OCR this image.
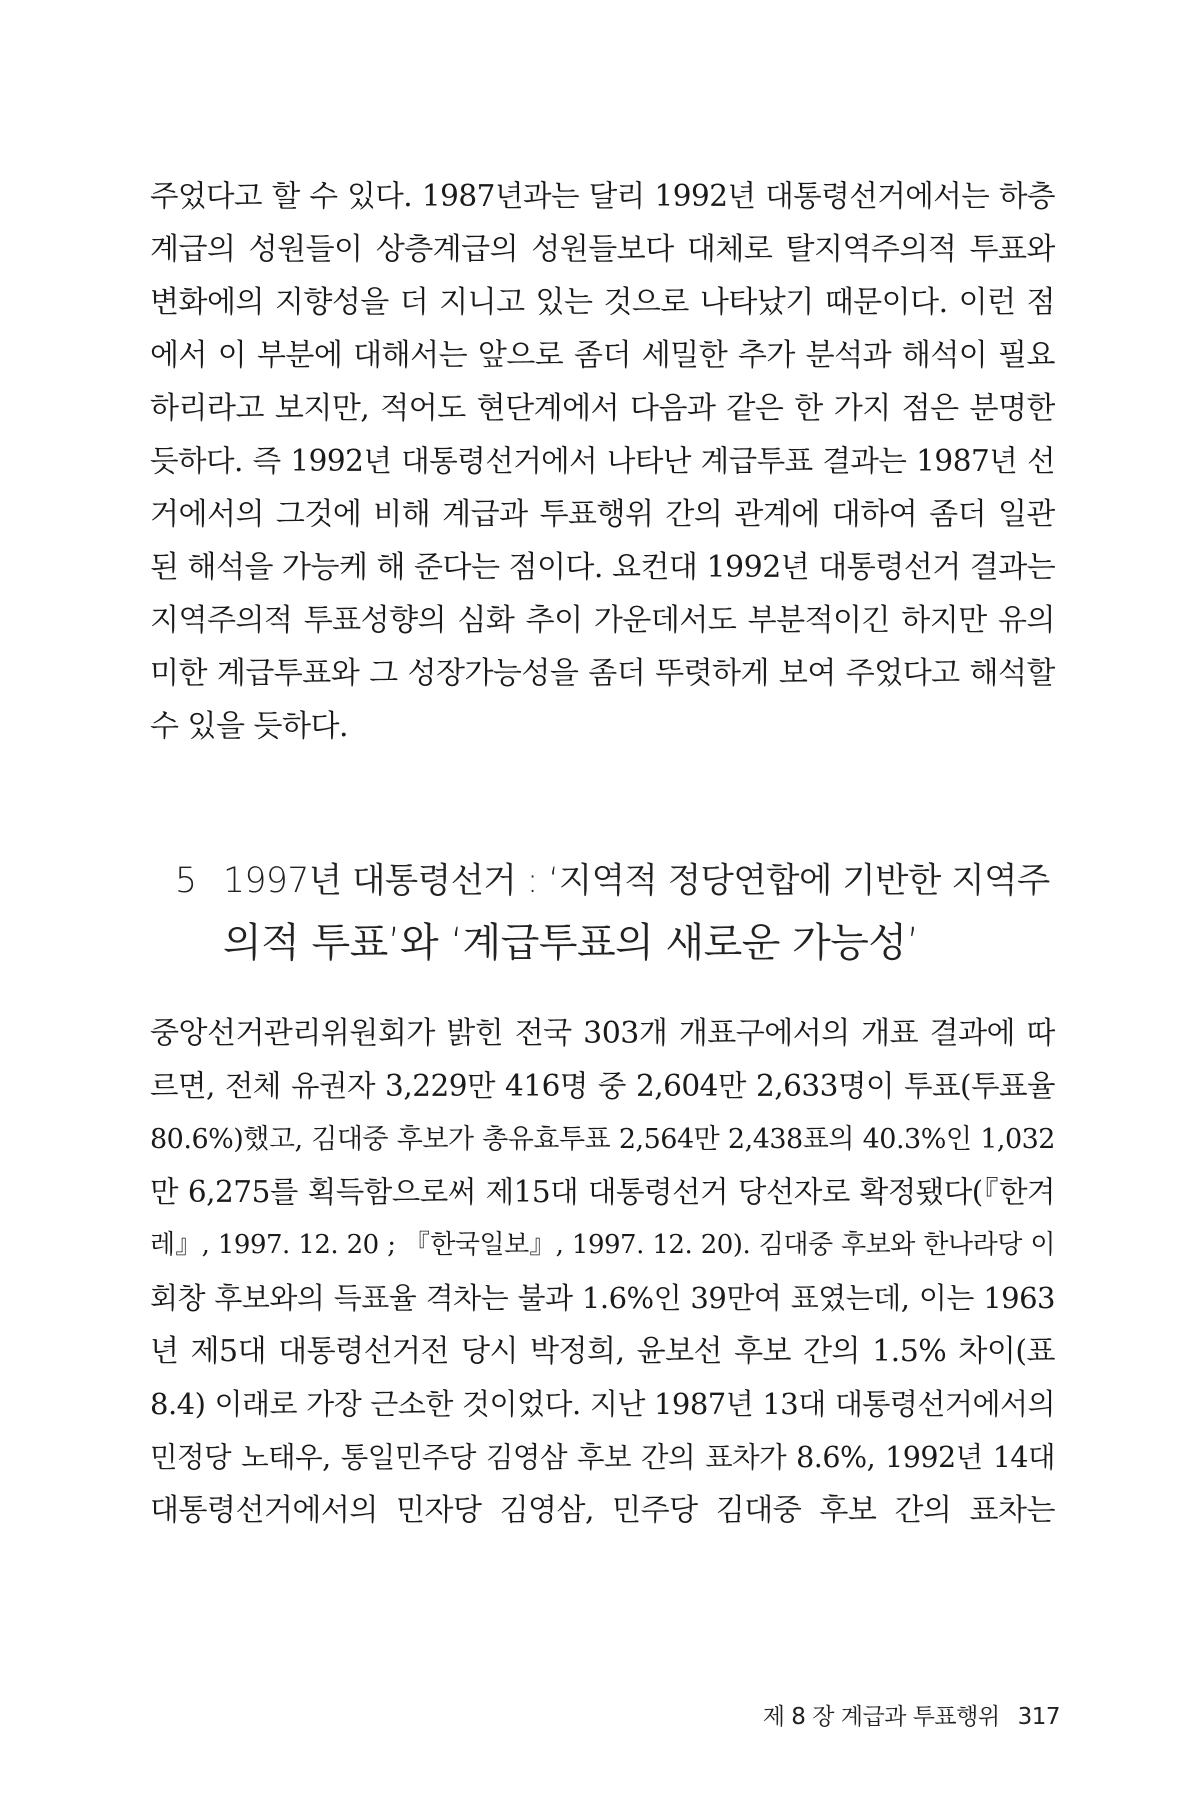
주었다고 할 수 있다. 1987년과는 달리 1992년 대통령선거에서는 하층
계급의 성원들이 상층계급의 성원들보다 대체로 탈지역주의적 투표와
변화에의 지향성을 더 지니고 있는 것으로 나타났기 때문이다. 이런 점
에서 이 부분에 대해서는 앞으로 좀더 세밀한 추가 분석과 해석이 필요
하리라고 보지만, 적어도 현단계에서 다음과 같은 한 가지 점은 분명한
듯하다. 즉 1992년 대통령선거에서 나타난 계급투표 결과는 1987년 선
거에서의 그것에 비해 계급과 투표행위 간의 관계에 대하여 좀더 일관
된 해석을 가능케 해 준다는 점이다. 요컨대 1992년 대통령선거 결과는
지역주의적 투표성향의 심화 추이 가운데서도 부분적이긴 하지만 유의
미한 계급투표와 그 성장가능성을 좀더 뚜렷하게 보여 주었다고 해석할
수 있을 듯하다.
5 1997년 대통령선거 : ‘지역적 정당연합에 기반한 지역주
의적 투표’와 ‘계급투표의 새로운 가능성’
중앙선거관리위원회가 밝힌 전국 303개 개표구에서의 개표 결과에 따
르면, 전체 유권자 3,229만 416명 중 2,604만 2,633명이 투표(투표율
80.6%)했고, 김대중 후보가 총유효투표 2,564만 2,438표의 40.3%인 1,032
만 6,275를 획득함으로써 제15대 대통령선거 당선자로 확정됐다(『한겨
레』, 1997. 12. 20 ; 『한국일보』, 1997. 12. 20). 김대중 후보와 한나라당 이
회창 후보와의 득표율 격차는 불과 1.6%인 39만여 표였는데, 이는 1963
년 제5대 대통령선거전 당시 박정희, 윤보선 후보 간의 1.5% 차이(표
8.4) 이래로 가장 근소한 것이었다. 지난 1987년 13대 대통령선거에서의
민정당 노태우, 통일민주당 김영삼 후보 간의 표차가 8.6%, 1992년 14대
대통령선거에서의 민자당 김영삼, 민주당 김대중 후보 간의 표차는
제 8 장 계급과 투표행위 317
